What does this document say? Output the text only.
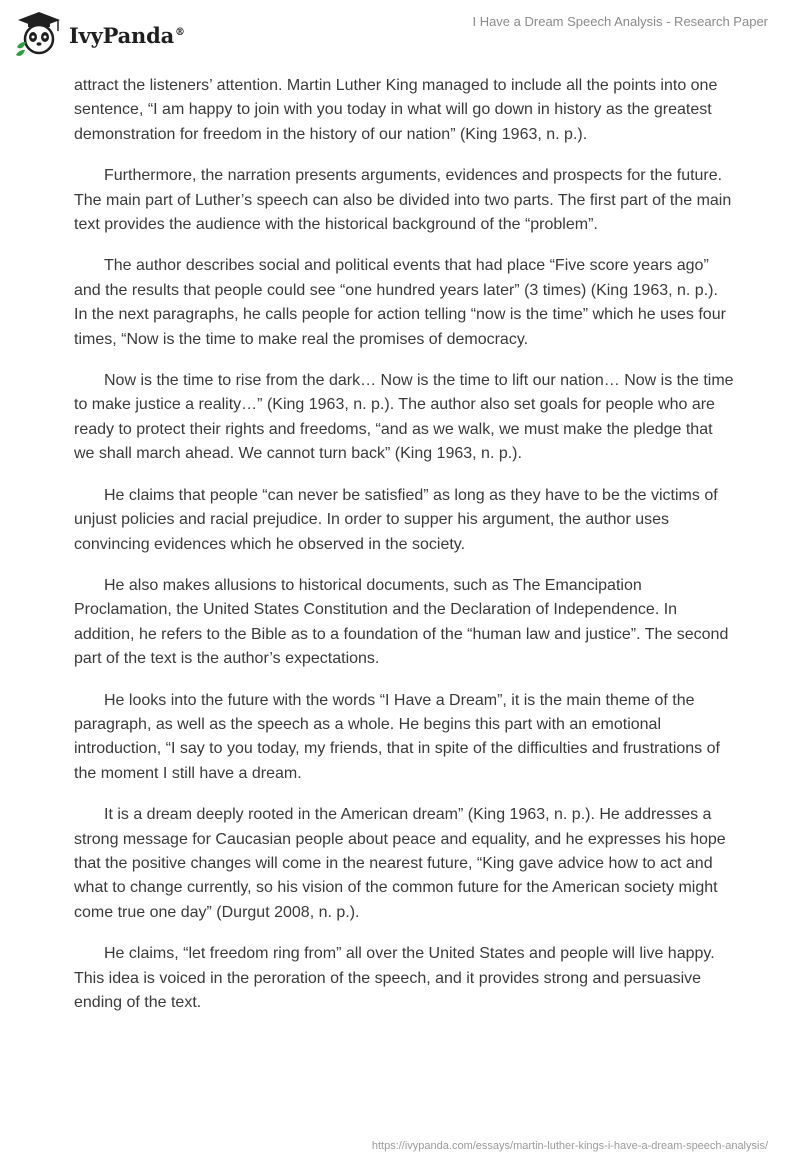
IvyPanda®
I Have a Dream Speech Analysis - Research Paper

attract the listeners’ attention. Martin Luther King managed to include all the points into one sentence, “I am happy to join with you today in what will go down in history as the greatest demonstration for freedom in the history of our nation” (King 1963, n. p.).

Furthermore, the narration presents arguments, evidences and prospects for the future. The main part of Luther’s speech can also be divided into two parts. The first part of the main text provides the audience with the historical background of the “problem”.

The author describes social and political events that had place “Five score years ago” and the results that people could see “one hundred years later” (3 times) (King 1963, n. p.). In the next paragraphs, he calls people for action telling “now is the time” which he uses four times, “Now is the time to make real the promises of democracy.

Now is the time to rise from the dark… Now is the time to lift our nation… Now is the time to make justice a reality…” (King 1963, n. p.). The author also set goals for people who are ready to protect their rights and freedoms, “and as we walk, we must make the pledge that we shall march ahead. We cannot turn back” (King 1963, n. p.).

He claims that people “can never be satisfied” as long as they have to be the victims of unjust policies and racial prejudice. In order to supper his argument, the author uses convincing evidences which he observed in the society.

He also makes allusions to historical documents, such as The Emancipation Proclamation, the United States Constitution and the Declaration of Independence. In addition, he refers to the Bible as to a foundation of the “human law and justice”. The second part of the text is the author’s expectations.

He looks into the future with the words “I Have a Dream”, it is the main theme of the paragraph, as well as the speech as a whole. He begins this part with an emotional introduction, “I say to you today, my friends, that in spite of the difficulties and frustrations of the moment I still have a dream.

It is a dream deeply rooted in the American dream” (King 1963, n. p.). He addresses a strong message for Caucasian people about peace and equality, and he expresses his hope that the positive changes will come in the nearest future, “King gave advice how to act and what to change currently, so his vision of the common future for the American society might come true one day” (Durgut 2008, n. p.).

He claims, “let freedom ring from” all over the United States and people will live happy. This idea is voiced in the peroration of the speech, and it provides strong and persuasive ending of the text.

https://ivypanda.com/essays/martin-luther-kings-i-have-a-dream-speech-analysis/
